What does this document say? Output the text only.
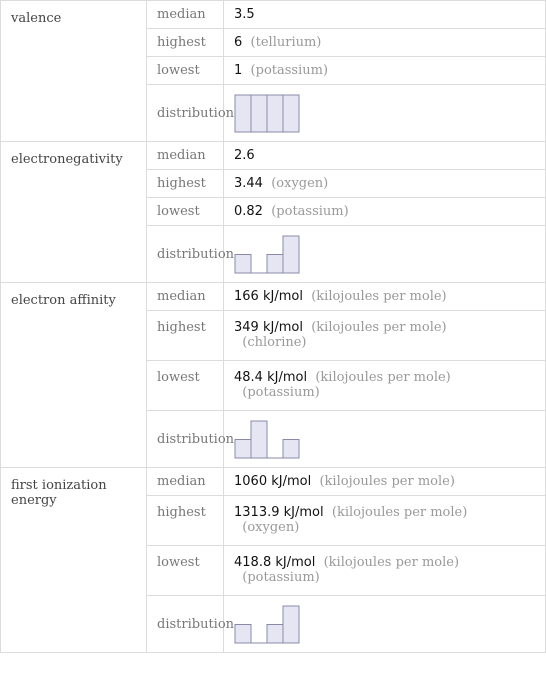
valence	median	3.5
	highest	6 (tellurium)
	lowest	1 (potassium)
	distribution	

electronegativity	median	2.6
	highest	3.44 (oxygen)
	lowest	0.82 (potassium)
	distribution	

electron affinity	median	166 kJ/mol (kilojoules per mole)
	highest	349 kJ/mol (kilojoules per mole)
(chlorine)
	lowest	48.4 kJ/mol (kilojoules per mole)
(potassium)
	distribution	

first ionization energy	median	1060 kJ/mol (kilojoules per mole)
	highest	1313.9 kJ/mol (kilojoules per mole)
(oxygen)
	lowest	418.8 kJ/mol (kilojoules per mole)
(potassium)
	distribution	
